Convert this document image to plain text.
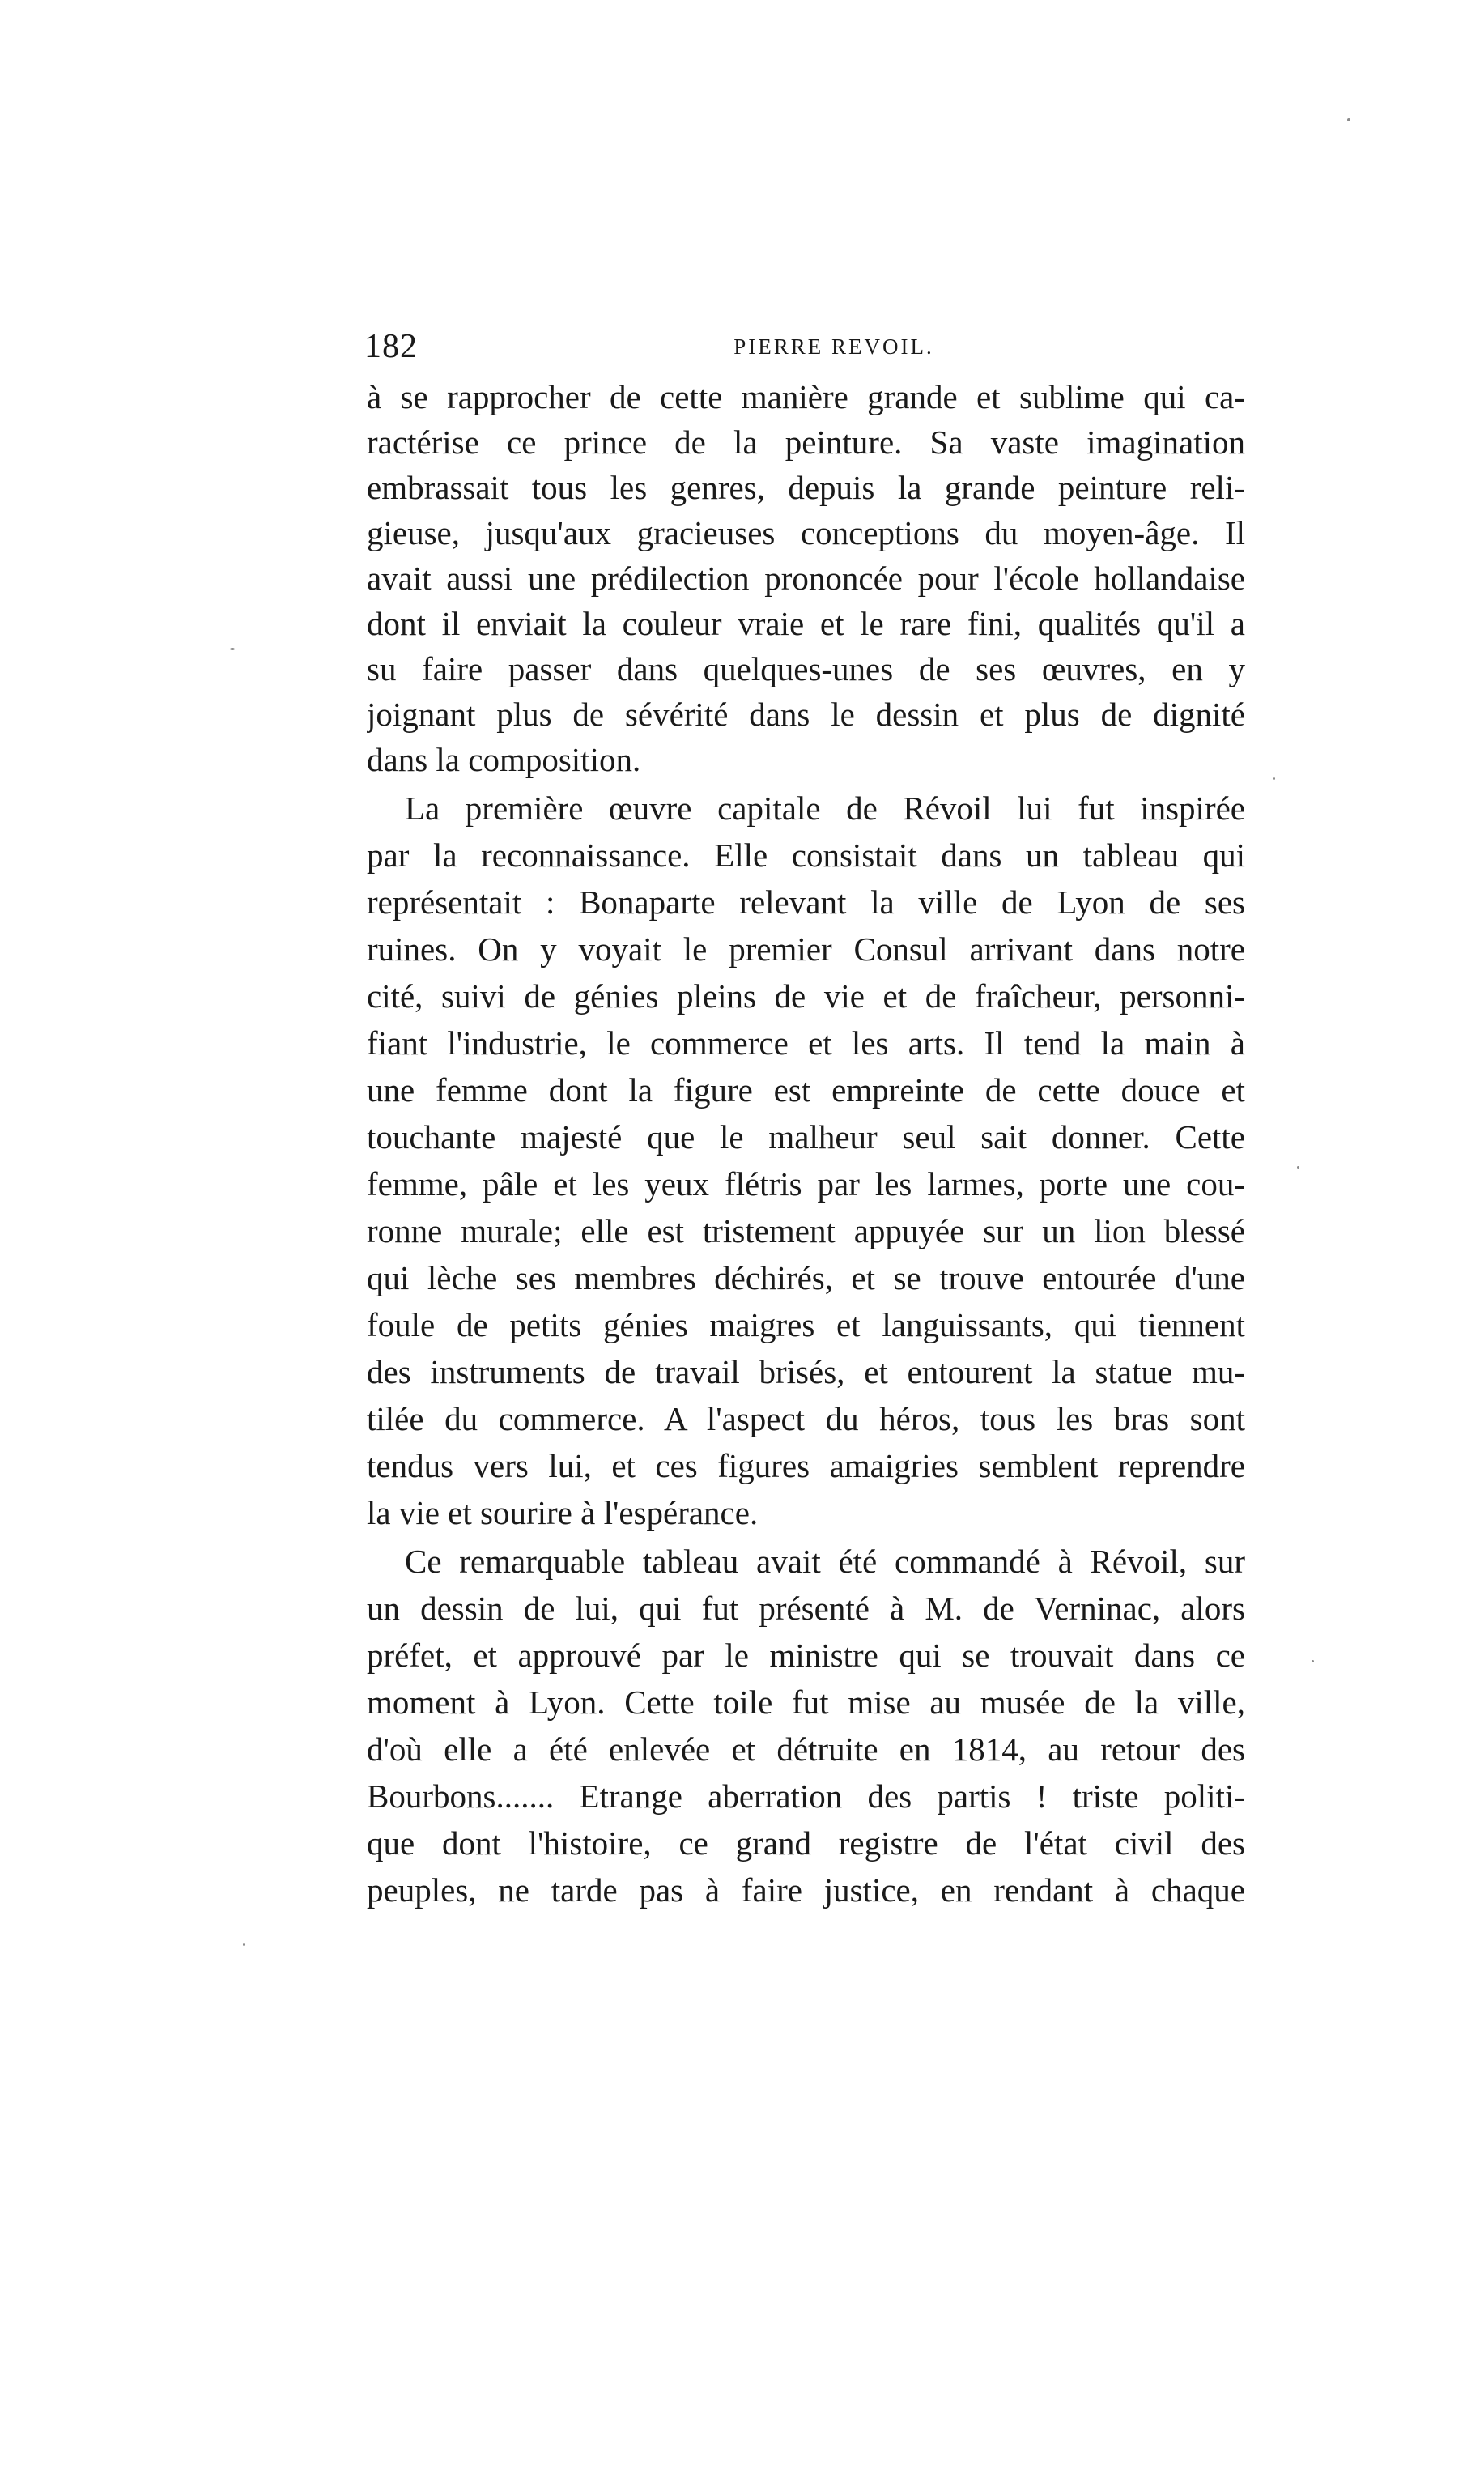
182	PIERRE REVOIL.
à se rapprocher de cette manière grande et sublime qui ca-
ractérise ce prince de la peinture. Sa vaste imagination
embrassait tous les genres, depuis la grande peinture reli-
gieuse, jusqu'aux gracieuses conceptions du moyen-âge. Il
avait aussi une prédilection prononcée pour l'école hollandaise
dont il enviait la couleur vraie et le rare fini, qualités qu'il a
su faire passer dans quelques-unes de ses œuvres, en y
joignant plus de sévérité dans le dessin et plus de dignité
dans la composition.
La première œuvre capitale de Révoil lui fut inspirée
par la reconnaissance. Elle consistait dans un tableau qui
représentait : Bonaparte relevant la ville de Lyon de ses
ruines. On y voyait le premier Consul arrivant dans notre
cité, suivi de génies pleins de vie et de fraîcheur, personni-
fiant l'industrie, le commerce et les arts. Il tend la main à
une femme dont la figure est empreinte de cette douce et
touchante majesté que le malheur seul sait donner. Cette
femme, pâle et les yeux flétris par les larmes, porte une cou-
ronne murale; elle est tristement appuyée sur un lion blessé
qui lèche ses membres déchirés, et se trouve entourée d'une
foule de petits génies maigres et languissants, qui tiennent
des instruments de travail brisés, et entourent la statue mu-
tilée du commerce. A l'aspect du héros, tous les bras sont
tendus vers lui, et ces figures amaigries semblent reprendre
la vie et sourire à l'espérance.
Ce remarquable tableau avait été commandé à Révoil, sur
un dessin de lui, qui fut présenté à M. de Verninac, alors
préfet, et approuvé par le ministre qui se trouvait dans ce
moment à Lyon. Cette toile fut mise au musée de la ville,
d'où elle a été enlevée et détruite en 1814, au retour des
Bourbons....... Etrange aberration des partis ! triste politi-
que dont l'histoire, ce grand registre de l'état civil des
peuples, ne tarde pas à faire justice, en rendant à chaque
